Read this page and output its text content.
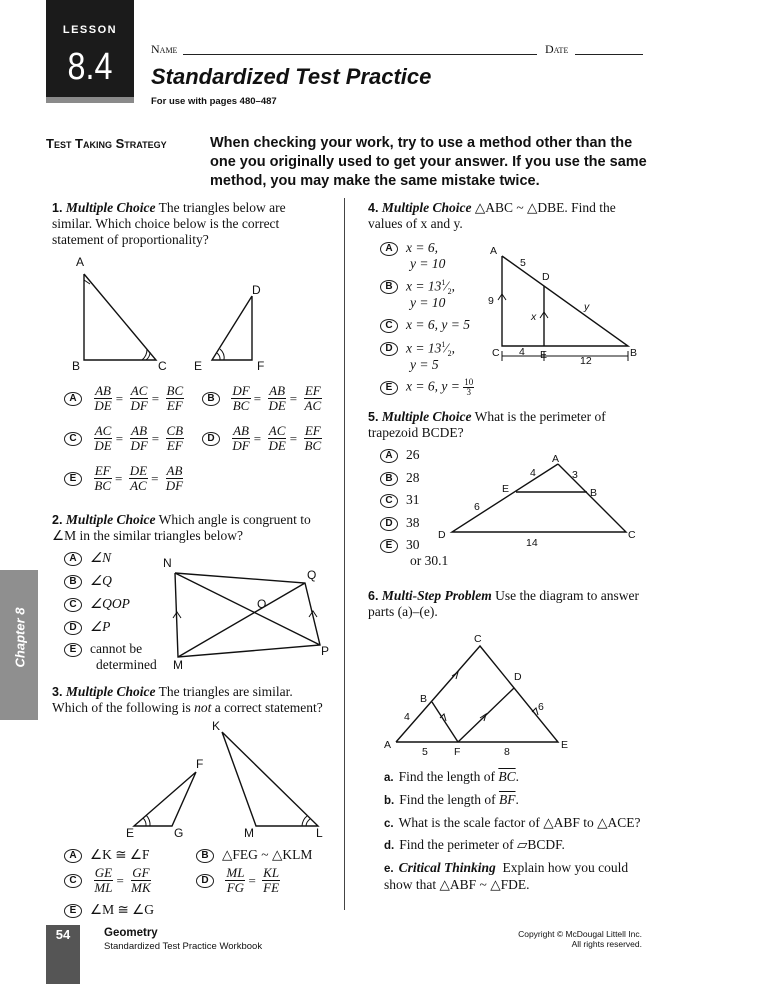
LESSON
8.4	Name	Date
Standardized Test Practice
For use with pages 480–487
Test Taking Strategy	When checking your work, try to use a method other than the one you originally used to get your answer. If you use the same method, you may make the same mistake twice.
1. Multiple Choice The triangles below are similar. Which choice below is the correct statement of proportionality?
A
B	C
D
E	F
A $\frac{AB}{DE} = \frac{AC}{DF} = \frac{BC}{EF}$	B $\frac{DF}{BC} = \frac{AB}{DE} = \frac{EF}{AC}$
C $\frac{AC}{DE} = \frac{AB}{DF} = \frac{CB}{EF}$	D $\frac{AB}{DF} = \frac{AC}{DE} = \frac{EF}{BC}$
E $\frac{EF}{BC} = \frac{DE}{AC} = \frac{AB}{DF}$
2. Multiple Choice Which angle is congruent to ∠M in the similar triangles below?
A ∠N
B ∠Q
C ∠QOP
D ∠P
E cannot be
determined
N
Q
O
M
P
3. Multiple Choice The triangles are similar. Which of the following is not a correct statement?
K
F
E	G	M	L
A ∠K ≅ ∠F	B △FEG ~ △KLM
C $\frac{GE}{ML} = \frac{GF}{MK}$	D $\frac{ML}{FG} = \frac{KL}{FE}$
E ∠M ≅ ∠G
4. Multiple Choice △ABC ~ △DBE. Find the values of x and y.
A x = 6,
y = 10
B $x = 13^1⁄_2$,
y = 10
C x = 6, y = 5
D $x = 13^1⁄_2$,
y = 5
E x = 6, $y = \frac{10}{3}$
A
5
D
9
x
y
C 4 E	12
B
5. Multiple Choice What is the perimeter of trapezoid BCDE?
A 26
B 28
C 31
D 38
E 30
or 30.1
A
4	3
E	B
6
D
14
C
6. Multi-Step Problem Use the diagram to answer parts (a)–(e).
C
D
B
6
4
A
5 F	8
E
a. Find the length of $\overline{BC}$.
b. Find the length of $\overline{BF}$.
c. What is the scale factor of △ABF to △ACE?
d. Find the perimeter of ▱BCDF.
e. Critical Thinking Explain how you could show that △ABF ~ △FDE.
Chapter 8
54	Geometry
Standardized Test Practice Workbook
Copyright © McDougal Littell Inc.
All rights reserved.
